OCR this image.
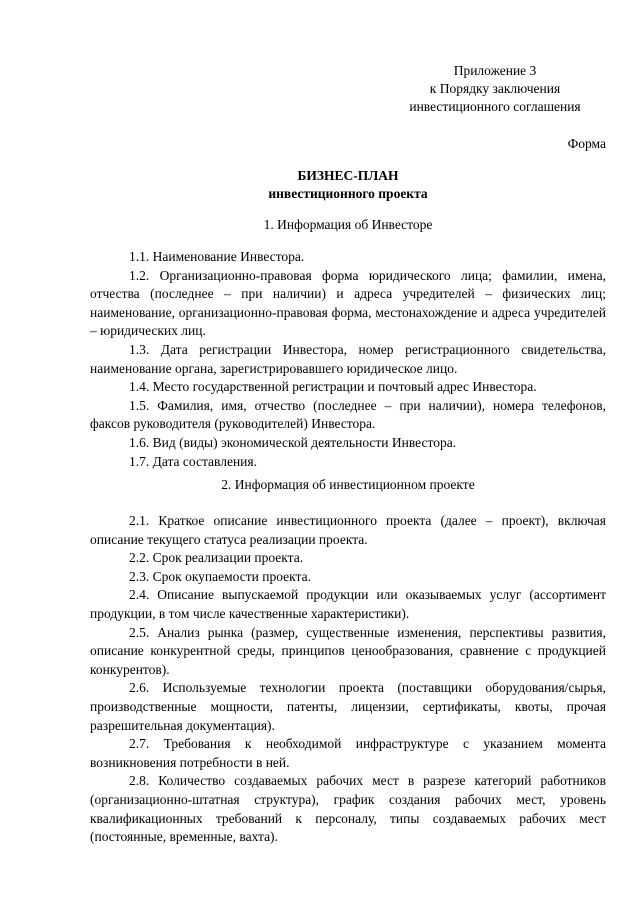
Приложение 3
к Порядку заключения
инвестиционного соглашения
Форма
БИЗНЕС-ПЛАН
инвестиционного проекта
1. Информация об Инвесторе

1.1. Наименование Инвестора.

1.2. Организационно-правовая форма юридического лица; фамилии, имена, отчества (последнее – при наличии) и адреса учредителей – физических лиц; наименование, организационно-правовая форма, местонахождение и адреса учредителей – юридических лиц.

1.3. Дата регистрации Инвестора, номер регистрационного свидетельства, наименование органа, зарегистрировавшего юридическое лицо.

1.4. Место государственной регистрации и почтовый адрес Инвестора.

1.5. Фамилия, имя, отчество (последнее – при наличии), номера телефонов, факсов руководителя (руководителей) Инвестора.

1.6. Вид (виды) экономической деятельности Инвестора.

1.7. Дата составления.

2. Информация об инвестиционном проекте

2.1. Краткое описание инвестиционного проекта (далее – проект), включая описание текущего статуса реализации проекта.

2.2. Срок реализации проекта.

2.3. Срок окупаемости проекта.

2.4. Описание выпускаемой продукции или оказываемых услуг (ассортимент продукции, в том числе качественные характеристики).

2.5. Анализ рынка (размер, существенные изменения, перспективы развития, описание конкурентной среды, принципов ценообразования, сравнение с продукцией конкурентов).

2.6. Используемые технологии проекта (поставщики оборудования/сырья, производственные мощности, патенты, лицензии, сертификаты, квоты, прочая разрешительная документация).

2.7. Требования к необходимой инфраструктуре с указанием момента возникновения потребности в ней.

2.8. Количество создаваемых рабочих мест в разрезе категорий работников (организационно-штатная структура), график создания рабочих мест, уровень квалификационных требований к персоналу, типы создаваемых рабочих мест (постоянные, временные, вахта).
